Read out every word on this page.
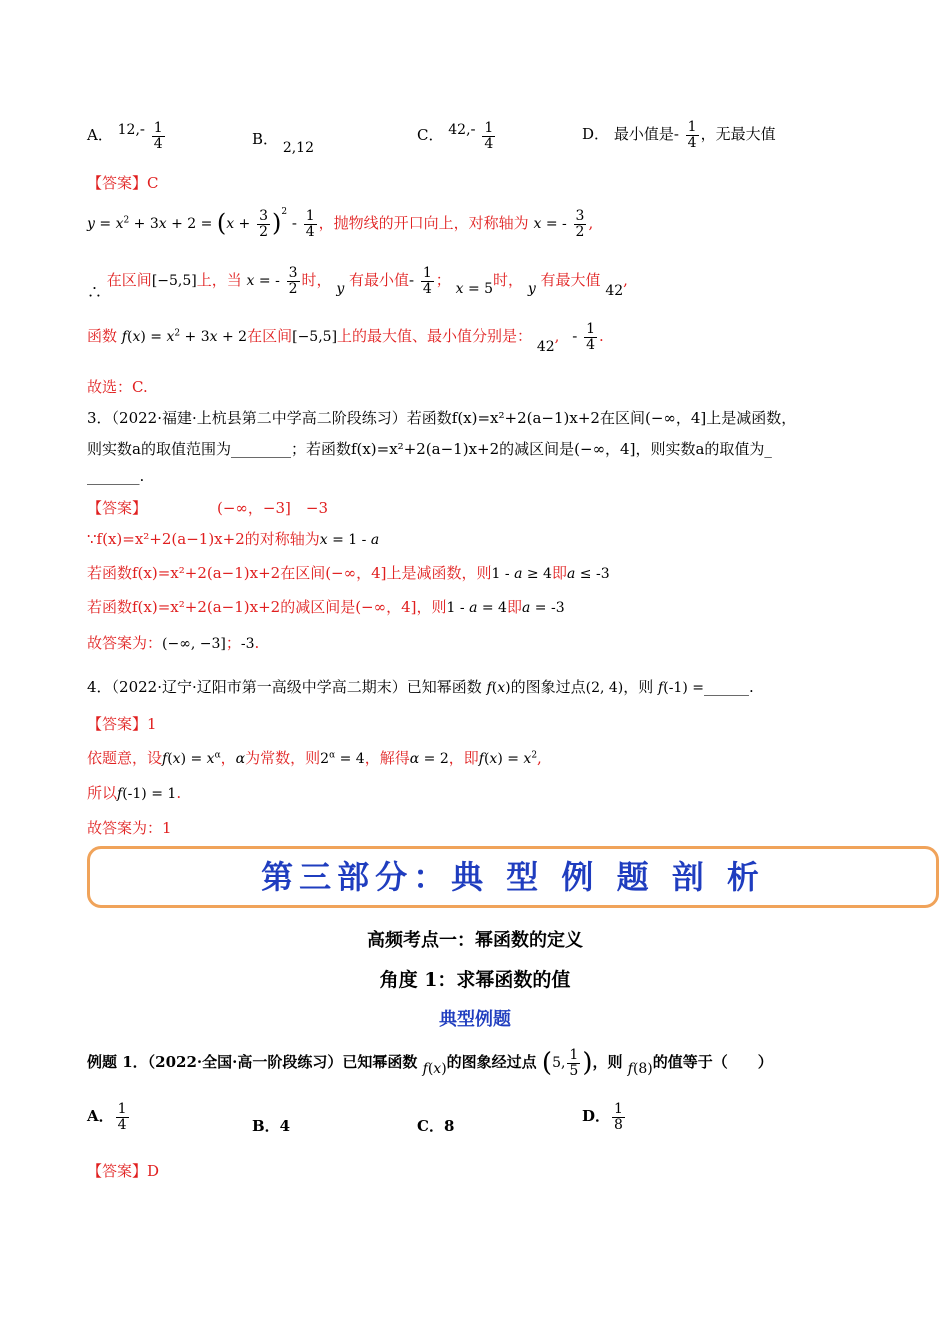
A． $12,- \frac{1}{4}$	B． 2,12
C． $42,- \frac{1}{4}$	D． 最小值是- $\frac{1}{4}$ ，无最大值
【答案】C
$y = x^2 + 3x + 2 = (x + \frac{3}{2} )^2 - \frac{1}{4}$ ，抛物线的开口向上，对称轴为 x = - $\frac{3}{2}$ ,
∴ 在区间[−5,5]上，当 x = - $\frac{3}{2}$ 时， y 有最小值- $\frac{1}{4}$ ； x = 5时， y 有最大值 42,
函数 $f(x) = x^2 + 3x + 2$在区间[−5,5]上的最大值、最小值分别是： 42, - $\frac{1}{4}$ .
故选：C.
3．（2022·福建·上杭县第二中学高二阶段练习）若函数f(x)=x²+2(a−1)x+2在区间(−∞，4]上是减函数，
则实数a的取值范围为________；若函数f(x)=x²+2(a−1)x+2的减区间是(−∞，4]，则实数a的取值为_
_______.
【答案】	(−∞，−3]　−3
∵f(x)=x²+2(a−1)x+2的对称轴为x = 1 - a
若函数f(x)=x²+2(a−1)x+2在区间(−∞，4]上是减函数，则1 - a ≥ 4即a ≤ -3
若函数f(x)=x²+2(a−1)x+2的减区间是(−∞，4]，则1 - a = 4即a = -3
故答案为：(−∞, −3]；-3.
4．（2022·辽宁·辽阳市第一高级中学高二期末）已知幂函数 f(x)的图象过点(2, 4)，则 f(-1) =______.
【答案】1
依题意，设$f(x) = x^\alpha$，α为常数，则$2^\alpha = 4$，解得α = 2，即$f(x) = x^2$,
所以f(-1) = 1.
故答案为：1
第三部分：典 型 例 题 剖 析
高频考点一：幂函数的定义
角度 1：求幂函数的值
典型例题
例题 1．（2022·全国·高一阶段练习）已知幂函数 f(x)的图象经过点 (5, $\frac{1}{5}$ )，则 f(8)的值等于（　　）
A． $\frac{1}{4}$	B．4	C．8
D． $\frac{1}{8}$
【答案】D
